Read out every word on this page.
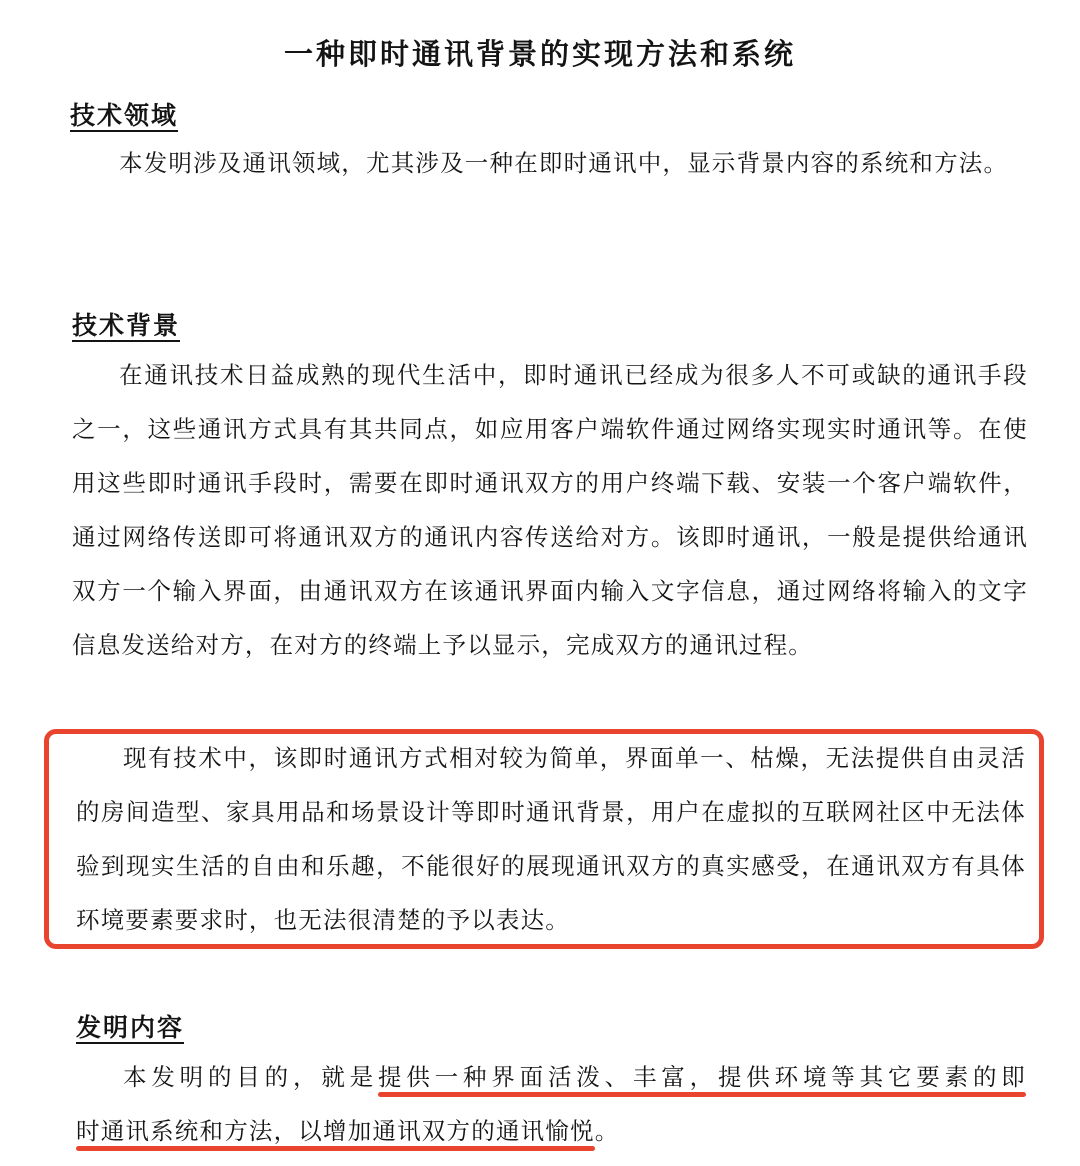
一种即时通讯背景的实现方法和系统
技术领域

本发明涉及通讯领域，尤其涉及一种在即时通讯中，显示背景内容的系统和方法。

技术背景

在通讯技术日益成熟的现代生活中，即时通讯已经成为很多人不可或缺的通讯手段之一，这些通讯方式具有其共同点，如应用客户端软件通过网络实现实时通讯等。在使用这些即时通讯手段时，需要在即时通讯双方的用户终端下载、安装一个客户端软件，通过网络传送即可将通讯双方的通讯内容传送给对方。该即时通讯，一般是提供给通讯双方一个输入界面，由通讯双方在该通讯界面内输入文字信息，通过网络将输入的文字信息发送给对方，在对方的终端上予以显示，完成双方的通讯过程。

现有技术中，该即时通讯方式相对较为简单，界面单一、枯燥，无法提供自由灵活的房间造型、家具用品和场景设计等即时通讯背景，用户在虚拟的互联网社区中无法体验到现实生活的自由和乐趣，不能很好的展现通讯双方的真实感受，在通讯双方有具体环境要素要求时，也无法很清楚的予以表达。

发明内容

本发明的目的，就是提供一种界面活泼、丰富，提供环境等其它要素的即时通讯系统和方法，以增加通讯双方的通讯愉悦。
